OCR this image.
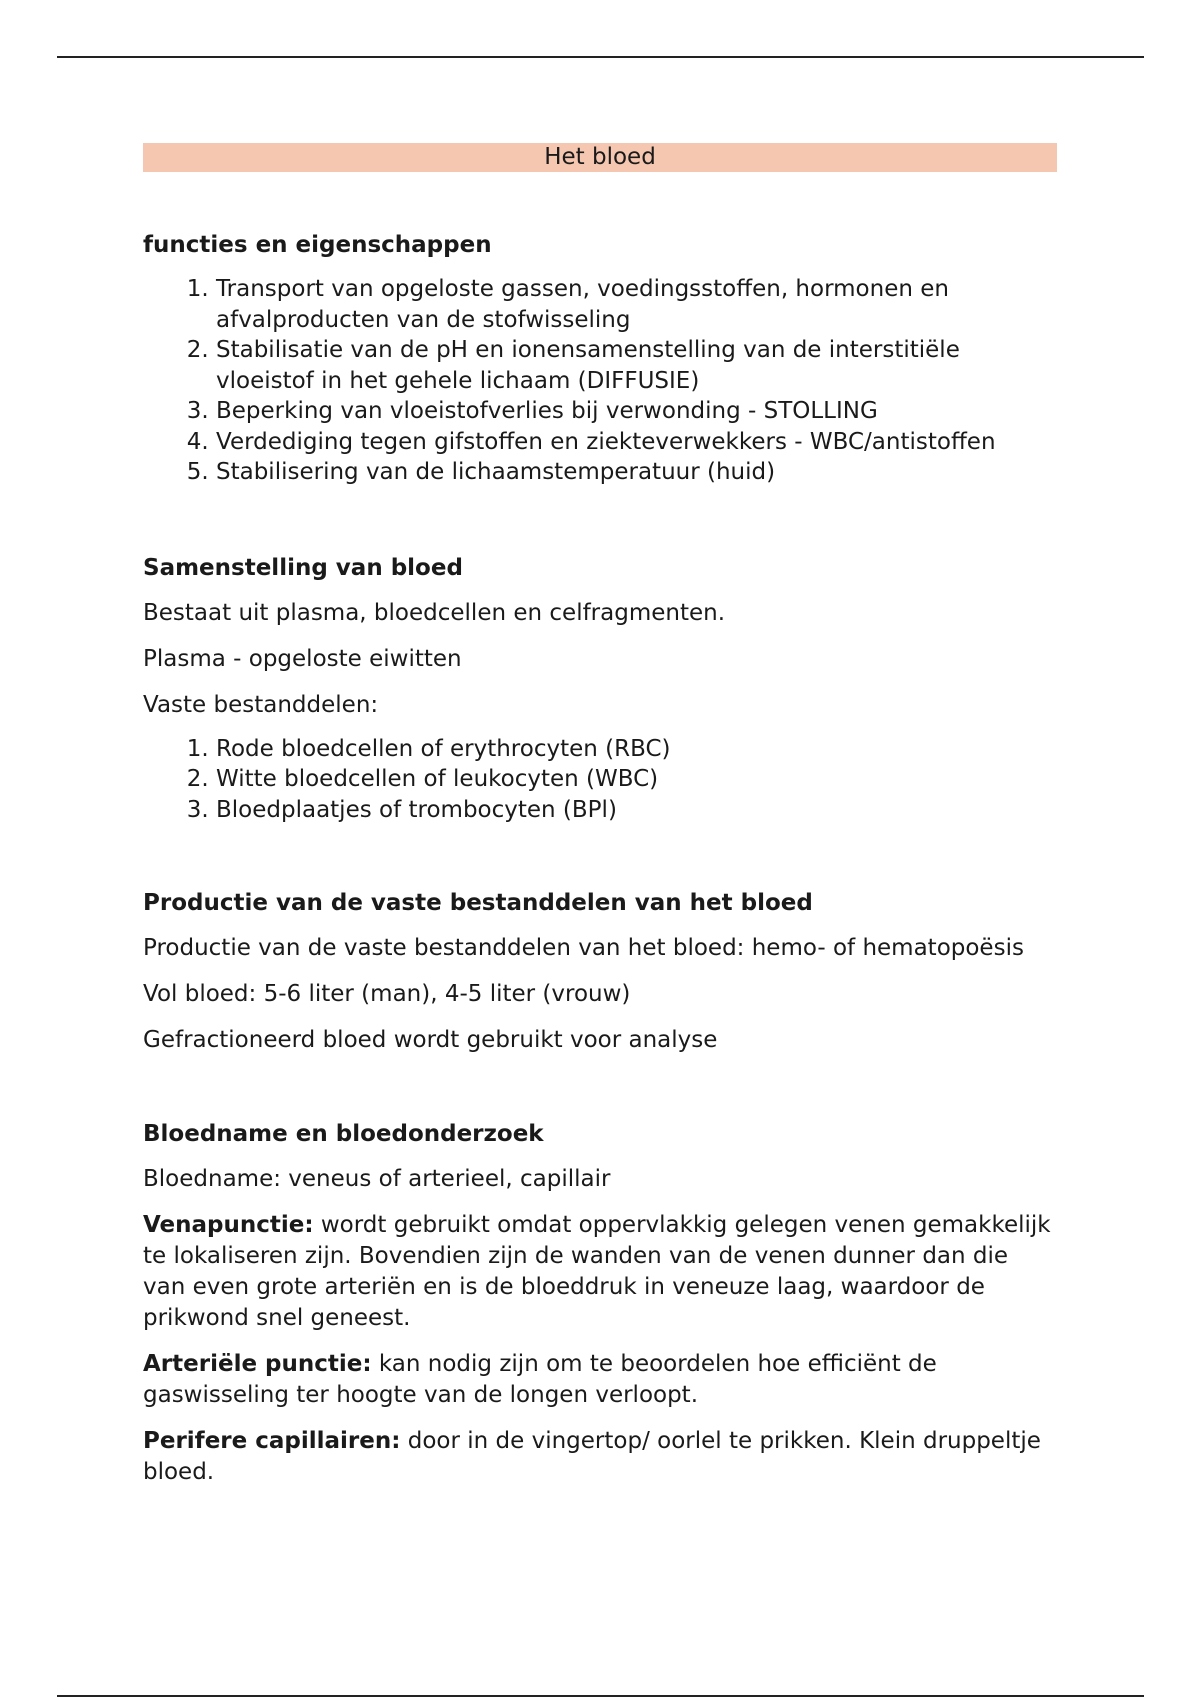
Het bloed
functies en eigenschappen
1. Transport van opgeloste gassen, voedingsstoffen, hormonen en afvalproducten van de stofwisseling
2. Stabilisatie van de pH en ionensamenstelling van de interstitiële vloeistof in het gehele lichaam (DIFFUSIE)
3. Beperking van vloeistofverlies bij verwonding - STOLLING
4. Verdediging tegen gifstoffen en ziekteverwekkers - WBC/antistoffen
5. Stabilisering van de lichaamstemperatuur (huid)
Samenstelling van bloed

Bestaat uit plasma, bloedcellen en celfragmenten.

Plasma - opgeloste eiwitten

Vaste bestanddelen:

1. Rode bloedcellen of erythrocyten (RBC)
2. Witte bloedcellen of leukocyten (WBC)
3. Bloedplaatjes of trombocyten (BPl)
Productie van de vaste bestanddelen van het bloed

Productie van de vaste bestanddelen van het bloed: hemo- of hematopoësis

Vol bloed: 5-6 liter (man), 4-5 liter (vrouw)

Gefractioneerd bloed wordt gebruikt voor analyse

Bloedname en bloedonderzoek

Bloedname: veneus of arterieel, capillair

Venapunctie: wordt gebruikt omdat oppervlakkig gelegen venen gemakkelijk te lokaliseren zijn. Bovendien zijn de wanden van de venen dunner dan die van even grote arteriën en is de bloeddruk in veneuze laag, waardoor de prikwond snel geneest.

Arteriële punctie: kan nodig zijn om te beoordelen hoe efficiënt de gaswisseling ter hoogte van de longen verloopt.

Perifere capillairen: door in de vingertop/ oorlel te prikken. Klein druppeltje bloed.
